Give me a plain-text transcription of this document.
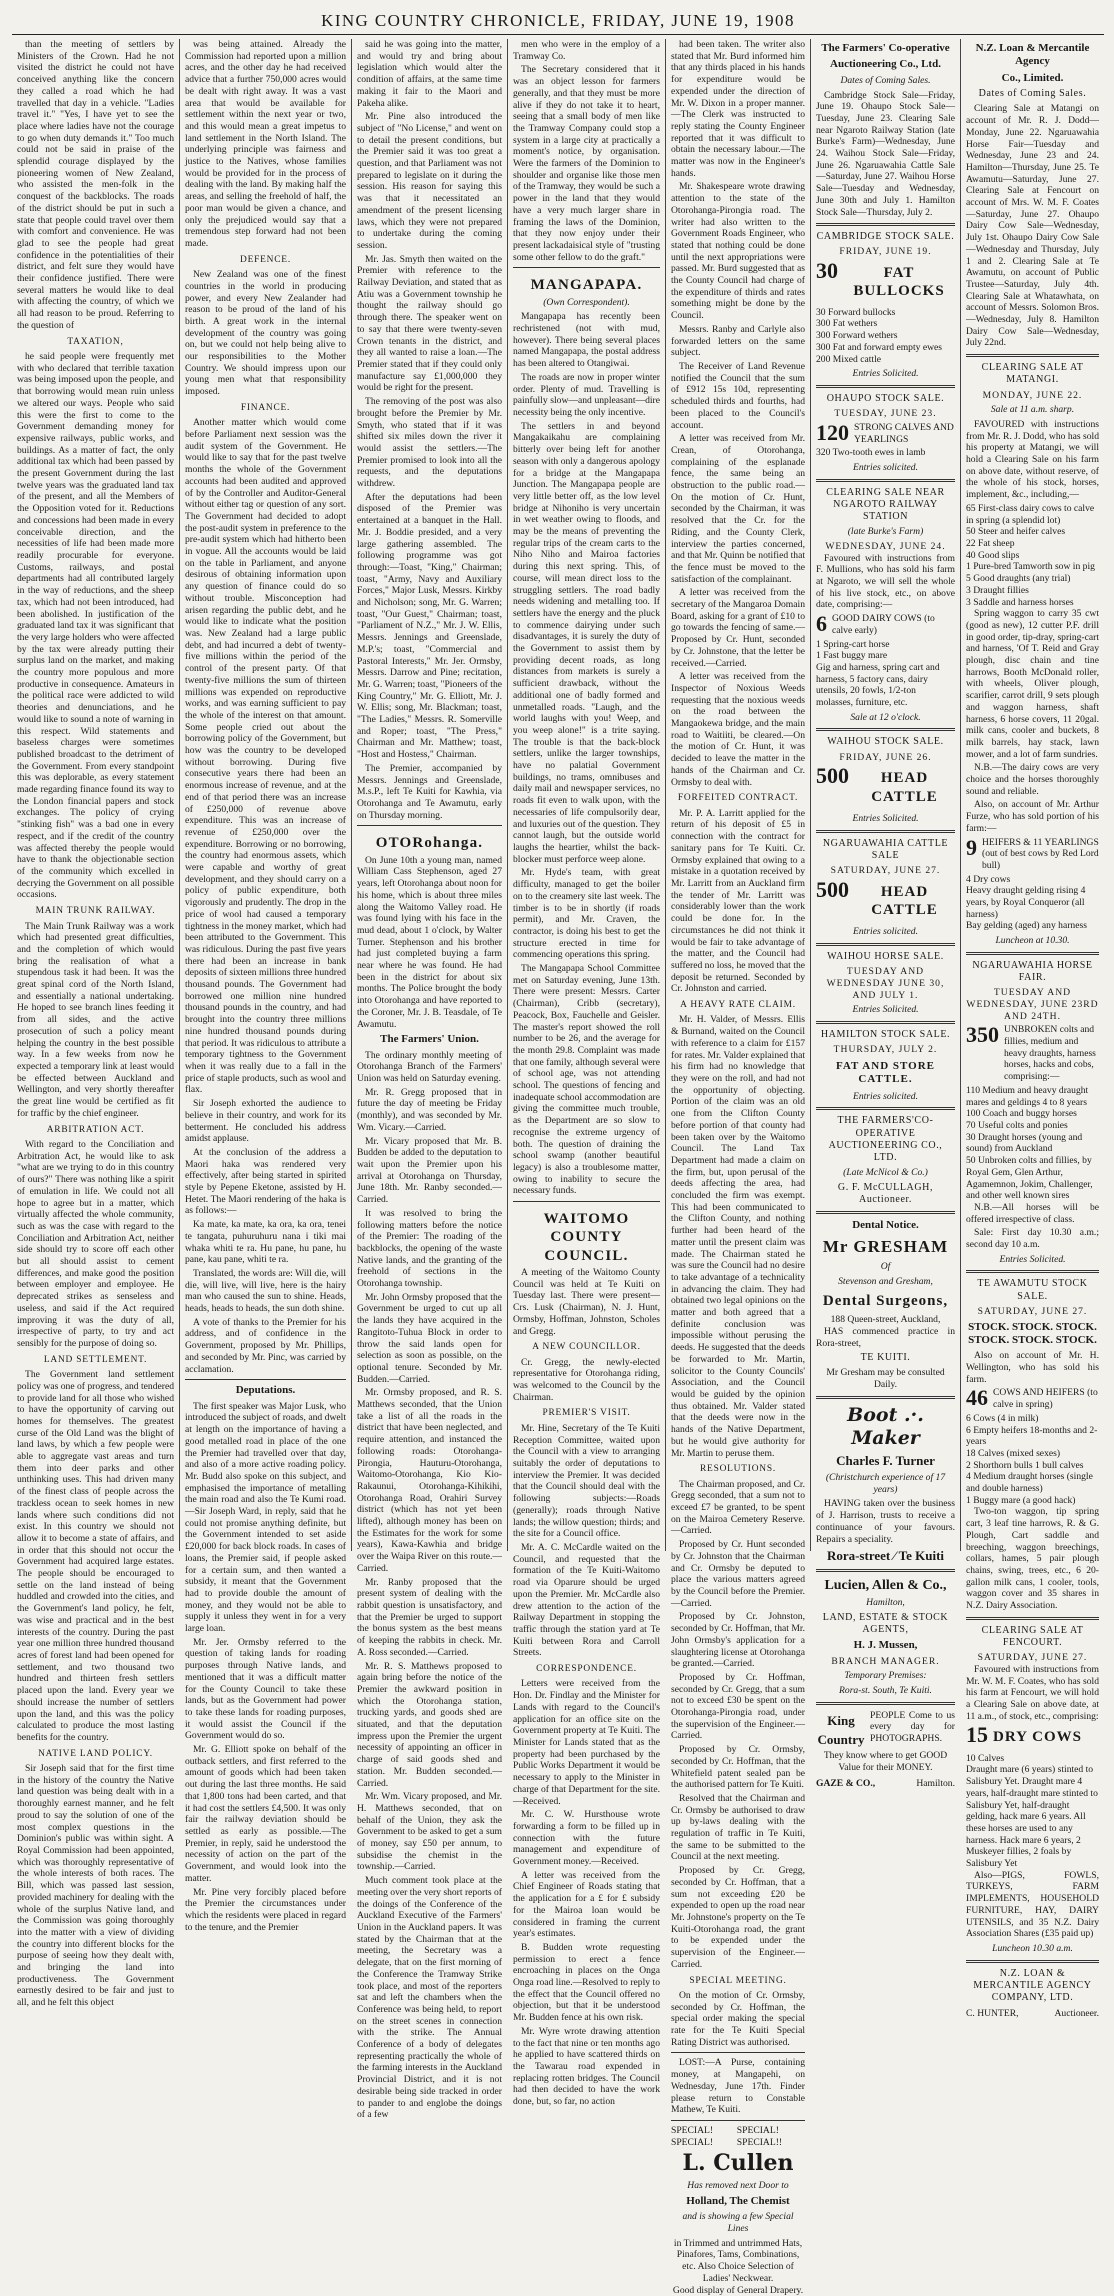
KING COUNTRY CHRONICLE, FRIDAY, JUNE 19, 1908

than the meeting of settlers by Ministers of the Crown. Had he not visited the district he could not have conceived anything like the concern they called a road which he had travelled that day in a vehicle. "Ladies travel it." "Yes, I have yet to see the place where ladies have not the courage to go when duty demands it." Too much could not be said in praise of the splendid courage displayed by the pioneering women of New Zealand, who assisted the men-folk in the conquest of the backblocks. The roads of the district should be put in such a state that people could travel over them with comfort and convenience. He was glad to see the people had great confidence in the potentialities of their district, and felt sure they would have their confidence justified. There were several matters he would like to deal with affecting the country, of which we all had reason to be proud. Referring to the question of

TAXATION,

he said people were frequently met with who declared that terrible taxation was being imposed upon the people, and that borrowing would mean ruin unless we altered our ways. People who said this were the first to come to the Government demanding money for expensive railways, public works, and buildings. As a matter of fact, the only additional tax which had been passed by the present Government during the last twelve years was the graduated land tax of the present, and all the Members of the Opposition voted for it. Reductions and concessions had been made in every conceivable direction, and the necessities of life had been made more readily procurable for everyone. Customs, railways, and postal departments had all contributed largely in the way of reductions, and the sheep tax, which had not been introduced, had been abolished. In justification of the graduated land tax it was significant that the very large holders who were affected by the tax were already putting their surplus land on the market, and making the country more populous and more productive in consequence. Amateurs in the political race were addicted to wild theories and denunciations, and he would like to sound a note of warning in this respect. Wild statements and baseless charges were sometimes published broadcast to the detriment of the Government. From every standpoint this was deplorable, as every statement made regarding finance found its way to the London financial papers and stock exchanges. The policy of crying "stinking fish" was a bad one in every respect, and if the credit of the country was affected thereby the people would have to thank the objectionable section of the community which excelled in decrying the Government on all possible occasions.

MAIN TRUNK RAILWAY.

The Main Trunk Railway was a work which had presented great difficulties, and the completion of which would bring the realisation of what a stupendous task it had been. It was the great spinal cord of the North Island, and essentially a national undertaking. He hoped to see branch lines feeding it from all sides, and the active prosecution of such a policy meant helping the country in the best possible way. In a few weeks from now he expected a temporary link at least would be effected between Auckland and Wellington, and very shortly thereafter the great line would be certified as fit for traffic by the chief engineer.

ARBITRATION ACT.

With regard to the Conciliation and Arbitration Act, he would like to ask "what are we trying to do in this country of ours?" There was nothing like a spirit of emulation in life. We could not all hope to agree but in a matter, which virtually affected the whole community, such as was the case with regard to the Conciliation and Arbitration Act, neither side should try to score off each other but all should assist to cement differences, and make good the position between employer and employee. He deprecated strikes as senseless and useless, and said if the Act required improving it was the duty of all, irrespective of party, to try and act sensibly for the purpose of doing so.

LAND SETTLEMENT.

The Government land settlement policy was one of progress, and tendered to provide land for all those who wished to have the opportunity of carving out homes for themselves. The greatest curse of the Old Land was the blight of land laws, by which a few people were able to aggregate vast areas and turn them into deer parks and other unthinking uses. This had driven many of the finest class of people across the trackless ocean to seek homes in new lands where such conditions did not exist. In this country we should not allow it to become a state of affairs, and in order that this should not occur the Government had acquired large estates. The people should be encouraged to settle on the land instead of being huddled and crowded into the cities, and the Government's land policy, he felt, was wise and practical and in the best interests of the country. During the past year one million three hundred thousand acres of forest land had been opened for settlement, and two thousand two hundred and thirteen fresh settlers placed upon the land. Every year we should increase the number of settlers upon the land, and this was the policy calculated to produce the most lasting benefits for the country.

NATIVE LAND POLICY.

Sir Joseph said that for the first time in the history of the country the Native land question was being dealt with in a thoroughly earnest manner, and he felt proud to say the solution of one of the most complex questions in the Dominion's public was within sight. A Royal Commission had been appointed, which was thoroughly representative of the whole interests of both races. The Bill, which was passed last session, provided machinery for dealing with the whole of the surplus Native land, and the Commission was going thoroughly into the matter with a view of dividing the country into different blocks for the purpose of seeing how they dealt with, and bringing the land into productiveness. The Government earnestly desired to be fair and just to all, and he felt this object

was being attained. Already the Commission had reported upon a million acres, and the other day he had received advice that a further 750,000 acres would be dealt with right away. It was a vast area that would be available for settlement within the next year or two, and this would mean a great impetus to land settlement in the North Island. The underlying principle was fairness and justice to the Natives, whose families would be provided for in the process of dealing with the land. By making half the areas, and selling the freehold of half, the poor man would be given a chance, and only the prejudiced would say that a tremendous step forward had not been made.

DEFENCE.

New Zealand was one of the finest countries in the world in producing power, and every New Zealander had reason to be proud of the land of his birth. A great work in the internal development of the country was going on, but we could not help being alive to our responsibilities to the Mother Country. We should impress upon our young men what that responsibility imposed.

FINANCE.

Another matter which would come before Parliament next session was the audit system of the Government. He would like to say that for the past twelve months the whole of the Government accounts had been audited and approved of by the Controller and Auditor-General without either tag or question of any sort. The Government had decided to adopt the post-audit system in preference to the pre-audit system which had hitherto been in vogue. All the accounts would be laid on the table in Parliament, and anyone desirous of obtaining information upon any question of finance could do so without trouble. Misconception had arisen regarding the public debt, and he would like to indicate what the position was. New Zealand had a large public debt, and had incurred a debt of twenty-five millions within the period of the control of the present party. Of that twenty-five millions the sum of thirteen millions was expended on reproductive works, and was earning sufficient to pay the whole of the interest on that amount. Some people cried out about the borrowing policy of the Government, but how was the country to be developed without borrowing. During five consecutive years there had been an enormous increase of revenue, and at the end of that period there was an increase of £250,000 of revenue above expenditure. This was an increase of revenue of £250,000 over the expenditure. Borrowing or no borrowing, the country had enormous assets, which were capable and worthy of great development, and they should carry on a policy of public expenditure, both vigorously and prudently. The drop in the price of wool had caused a temporary tightness in the money market, which had been attributed to the Government. This was ridiculous. During the past five years there had been an increase in bank deposits of sixteen millions three hundred thousand pounds. The Government had borrowed one million nine hundred thousand pounds in the country, and had brought into the country three millions nine hundred thousand pounds during that period. It was ridiculous to attribute a temporary tightness to the Government when it was really due to a fall in the price of staple products, such as wool and flax.

Sir Joseph exhorted the audience to believe in their country, and work for its betterment. He concluded his address amidst applause.

At the conclusion of the address a Maori haka was rendered very effectively, after being started in spirited style by Pepene Eketone, assisted by H. Hetet. The Maori rendering of the haka is as follows:—

Ka mate, ka mate, ka ora, ka ora, tenei te tangata, puhuruhuru nana i tiki mai whaka whiti te ra. Hu pane, hu pane, hu pane, kau pane, whiti te ra.

Translated, the words are: Will die, will die, will live, will live, here is the hairy man who caused the sun to shine. Heads, heads, heads to heads, the sun doth shine.

A vote of thanks to the Premier for his address, and of confidence in the Government, proposed by Mr. Phillips, and seconded by Mr. Pinc, was carried by acclamation.

Deputations.

The first speaker was Major Lusk, who introduced the subject of roads, and dwelt at length on the importance of having a good metalled road in place of the one the Premier had travelled over that day, and also of a more active roading policy. Mr. Budd also spoke on this subject, and emphasised the importance of metalling the main road and also the Te Kumi road.—Sir Joseph Ward, in reply, said that he could not promise anything definite, but the Government intended to set aside £20,000 for back block roads. In cases of loans, the Premier said, if people asked for a certain sum, and then wanted a subsidy, it meant that the Government had to provide double the amount of money, and they would not be able to supply it unless they went in for a very large loan.

Mr. Jer. Ormsby referred to the question of taking lands for roading purposes through Native lands, and mentioned that it was a difficult matter for the County Council to take these lands, but as the Government had power to take these lands for roading purposes, it would assist the Council if the Government would do so.

Mr. G. Elliott spoke on behalf of the outback settlers, and first referred to the amount of goods which had been taken out during the last three months. He said that 1,800 tons had been carted, and that it had cost the settlers £4,500. It was only fair the railway deviation should be settled as early as possible.—The Premier, in reply, said he understood the necessity of action on the part of the Government, and would look into the matter.

Mr. Pine very forcibly placed before the Premier the circumstances under which the residents were placed in regard to the tenure, and the Premier

said he was going into the matter, and would try and bring about legislation which would alter the condition of affairs, at the same time making it fair to the Maori and Pakeha alike.

Mr. Pine also introduced the subject of "No License," and went on to detail the present conditions, but the Premier said it was too great a question, and that Parliament was not prepared to legislate on it during the session. His reason for saying this was that it necessitated an amendment of the present licensing laws, which they were not prepared to undertake during the coming session.

Mr. Jas. Smyth then waited on the Premier with reference to the Railway Deviation, and stated that as Atiu was a Government township he thought the railway should go through there. The speaker went on to say that there were twenty-seven Crown tenants in the district, and they all wanted to raise a loan.—The Premier stated that if they could only manufacture say £1,000,000 they would be right for the present.

The removing of the post was also brought before the Premier by Mr. Smyth, who stated that if it was shifted six miles down the river it would assist the settlers.—The Premier promised to look into all the requests, and the deputations withdrew.

After the deputations had been disposed of the Premier was entertained at a banquet in the Hall. Mr. J. Boddie presided, and a very large gathering assembled. The following programme was got through:—Toast, "King," Chairman; toast, "Army, Navy and Auxiliary Forces," Major Lusk, Messrs. Kirkby and Nicholson; song, Mr. G. Warren; toast, "Our Guest," Chairman; toast, "Parliament of N.Z.," Mr. J. W. Ellis, Messrs. Jennings and Greenslade, M.P.'s; toast, "Commercial and Pastoral Interests," Mr. Jer. Ormsby, Messrs. Darrow and Pine; recitation, Mr. G. Warren; toast, "Pioneers of the King Country," Mr. G. Elliott, Mr. J. W. Ellis; song, Mr. Blackman; toast, "The Ladies," Messrs. R. Somerville and Roper; toast, "The Press," Chairman and Mr. Matthew; toast, "Host and Hostess," Chairman.

The Premier, accompanied by Messrs. Jennings and Greenslade, M.s.P., left Te Kuiti for Kawhia, via Otorohanga and Te Awamutu, early on Thursday morning.

OTORohanga.

On June 10th a young man, named William Cass Stephenson, aged 27 years, left Otorohanga about noon for his home, which is about three miles along the Waitomo Valley road. He was found lying with his face in the mud dead, about 1 o'clock, by Walter Turner. Stephenson and his brother had just completed buying a farm near where he was found. He had been in the district for about six months. The Police brought the body into Otorohanga and have reported to the Coroner, Mr. J. B. Teasdale, of Te Awamutu.

The Farmers' Union.

The ordinary monthly meeting of Otorohanga Branch of the Farmers' Union was held on Saturday evening.

Mr. R. Gregg proposed that in future the day of meeting be Friday (monthly), and was seconded by Mr. Wm. Vicary.—Carried.

Mr. Vicary proposed that Mr. B. Budden be added to the deputation to wait upon the Premier upon his arrival at Otorohanga on Thursday, June 18th. Mr. Ranby seconded.—Carried.

It was resolved to bring the following matters before the notice of the Premier: The roading of the backblocks, the opening of the waste Native lands, and the granting of the freehold of sections in the Otorohanga township.

Mr. John Ormsby proposed that the Government be urged to cut up all the lands they have acquired in the Rangitoto-Tuhua Block in order to throw the said lands open for selection as soon as possible, on the optional tenure. Seconded by Mr. Budden.—Carried.

Mr. Ormsby proposed, and R. S. Matthews seconded, that the Union take a list of all the roads in the district that have been neglected, and require attention, and instanced the following roads: Otorohanga-Pirongia, Hauturu-Otorohanga, Waitomo-Otorohanga, Kio Kio-Rakaunui, Otorohanga-Kihikihi, Otorohanga Road, Orahiri Survey district (which has not yet been lifted), although money has been on the Estimates for the work for some years), Kawa-Kawhia and bridge over the Waipa River on this route.—Carried.

Mr. Ranby proposed that the present system of dealing with the rabbit question is unsatisfactory, and that the Premier be urged to support the bonus system as the best means of keeping the rabbits in check. Mr. A. Ross seconded.—Carried.

Mr. R. S. Matthews proposed to again bring before the notice of the Premier the awkward position in which the Otorohanga station, trucking yards, and goods shed are situated, and that the deputation impress upon the Premier the urgent necessity of appointing an officer in charge of said goods shed and station. Mr. Budden seconded.—Carried.

Mr. Wm. Vicary proposed, and Mr. H. Matthews seconded, that on behalf of the Union, they ask the Government to be asked to get a sum of money, say £50 per annum, to subsidise the chemist in the township.—Carried.

Much comment took place at the meeting over the very short reports of the doings of the Conference of the Auckland Executive of the Farmers' Union in the Auckland papers. It was stated by the Chairman that at the meeting, the Secretary was a delegate, that on the first morning of the Conference the Tramway Strike took place, and most of the reporters sat and left the chambers when the Conference was being held, to report on the street scenes in connection with the strike. The Annual Conference of a body of delegates representing practically the whole of the farming interests in the Auckland Provincial District, and it is not desirable being side tracked in order to pander to and englobe the doings of a few

men who were in the employ of a Tramway Co.

The Secretary considered that it was an object lesson for farmers generally, and that they must be more alive if they do not take it to heart, seeing that a small body of men like the Tramway Company could stop a system in a large city at practically a moment's notice, by organisation. Were the farmers of the Dominion to shoulder and organise like those men of the Tramway, they would be such a power in the land that they would have a very much larger share in framing the laws of the Dominion, that they now enjoy under their present lackadaisical style of "trusting some other fellow to do the graft."

MANGAPAPA.
(Own Correspondent).

Mangapapa has recently been rechristened (not with mud, however). There being several places named Mangapapa, the postal address has been altered to Otangiwai.

The roads are now in proper winter order. Plenty of mud. Travelling is painfully slow—and unpleasant—dire necessity being the only incentive.

The settlers in and beyond Mangakaikahu are complaining bitterly over being left for another season with only a dangerous apology for a bridge at the Mangapapa Junction. The Mangapapa people are very little better off, as the low level bridge at Nihoniho is very uncertain in wet weather owing to floods, and may be the means of preventing the regular trips of the cream carts to the Niho Niho and Mairoa factories during this next spring. This, of course, will mean direct loss to the struggling settlers. The road badly needs widening and metalling too. If settlers have the energy and the pluck to commence dairying under such disadvantages, it is surely the duty of the Government to assist them by providing decent roads, as long distances from markets is surely a sufficient drawback, without the additional one of badly formed and unmetalled roads. "Laugh, and the world laughs with you! Weep, and you weep alone!" is a trite saying. The trouble is that the back-block settlers, unlike the larger townships, have no palatial Government buildings, no trams, omnibuses and daily mail and newspaper services, no roads fit even to walk upon, with the necessaries of life compulsorily dear, and luxuries out of the question. They cannot laugh, but the outside world laughs the heartier, whilst the back-blocker must perforce weep alone.

Mr. Hyde's team, with great difficulty, managed to get the boiler on to the creamery site last week. The timber is to be in shortly (if roads permit), and Mr. Craven, the contractor, is doing his best to get the structure erected in time for commencing operations this spring.

The Mangapapa School Committee met on Saturday evening, June 13th. There were present: Messrs. Carter (Chairman), Cribb (secretary), Peacock, Box, Fauchelle and Geisler. The master's report showed the roll number to be 26, and the average for the month 29.8. Complaint was made that one family, although several were of school age, was not attending school. The questions of fencing and inadequate school accommodation are giving the committee much trouble, as the Department are so slow to recognise the extreme urgency of both. The question of draining the school swamp (another beautiful legacy) is also a troublesome matter, owing to inability to secure the necessary funds.

WAITOMO COUNTY COUNCIL.

A meeting of the Waitomo County Council was held at Te Kuiti on Tuesday last. There were present—Crs. Lusk (Chairman), N. J. Hunt, Ormsby, Hoffman, Johnston, Scholes and Gregg.

A NEW COUNCILLOR.

Cr. Gregg, the newly-elected representative for Otorohanga riding, was welcomed to the Council by the Chairman.

PREMIER'S VISIT.

Mr. Hine, Secretary of the Te Kuiti Reception Committee, waited upon the Council with a view to arranging suitably the order of deputations to interview the Premier. It was decided that the Council should deal with the following subjects:—Roads (generally); roads through Native lands; the willow question; thirds; and the site for a Council office.

Mr. A. C. McCardle waited on the Council, and requested that the formation of the Te Kuiti-Waitomo road via Oparure should be urged upon the Premier. Mr. McCardle also drew attention to the action of the Railway Department in stopping the traffic through the station yard at Te Kuiti between Rora and Carroll Streets.

CORRESPONDENCE.

Letters were received from the Hon. Dr. Findlay and the Minister for Lands with regard to the Council's application for an office site on the Government property at Te Kuiti. The Minister for Lands stated that as the property had been purchased by the Public Works Department it would be necessary to apply to the Minister in charge of that Department for the site.—Received.

Mr. C. W. Hursthouse wrote forwarding a form to be filled up in connection with the future management and expenditure of Government money.—Received.

A letter was received from the Chief Engineer of Roads stating that the application for a £ for £ subsidy for the Mairoa loan would be considered in framing the current year's estimates.

B. Budden wrote requesting permission to erect a fence encroaching in places on the Onga Onga road line.—Resolved to reply to the effect that the Council offered no objection, but that it be understood Mr. Budden fence at his own risk.

Mr. Wyre wrote drawing attention to the fact that nine or ten months ago he applied to have scattered thirds on the Tawarau road expended in replacing rotten bridges. The Council had then decided to have the work done, but, so far, no action

had been taken. The writer also stated that Mr. Burd informed him that any thirds placed in his hands for expenditure would be expended under the direction of Mr. W. Dixon in a proper manner.—The Clerk was instructed to reply stating the County Engineer reported that it was difficult to obtain the necessary labour.—The matter was now in the Engineer's hands.

Mr. Shakespeare wrote drawing attention to the state of the Otorohanga-Pirongia road. The writer had also written to the Government Roads Engineer, who stated that nothing could be done until the next appropriations were passed. Mr. Burd suggested that as the County Council had charge of the expenditure of thirds and rates something might be done by the Council.

Messrs. Ranby and Carlyle also forwarded letters on the same subject.

The Receiver of Land Revenue notified the Council that the sum of £912 15s 10d, representing scheduled thirds and fourths, had been placed to the Council's account.

A letter was received from Mr. Crean, of Otorohanga, complaining of the esplanade fence, the same being an obstruction to the public road.—On the motion of Cr. Hunt, seconded by the Chairman, it was resolved that the Cr. for the Riding, and the County Clerk, interview the parties concerned, and that Mr. Quinn be notified that the fence must be moved to the satisfaction of the complainant.

A letter was received from the secretary of the Mangaroa Domain Board, asking for a grant of £10 to go towards the fencing of same.—Proposed by Cr. Hunt, seconded by Cr. Johnstone, that the letter be received.—Carried.

A letter was received from the Inspector of Noxious Weeds requesting that the noxious weeds on the road between the Mangaokewa bridge, and the main road to Waitiiti, be cleared.—On the motion of Cr. Hunt, it was decided to leave the matter in the hands of the Chairman and Cr. Ormsby to deal with.

FORFEITED CONTRACT.

Mr. P. A. Larritt applied for the return of his deposit of £5 in connection with the contract for sanitary pans for Te Kuiti. Cr. Ormsby explained that owing to a mistake in a quotation received by Mr. Larritt from an Auckland firm the tender of Mr. Larritt was considerably lower than the work could be done for. In the circumstances he did not think it would be fair to take advantage of the matter, and the Council had suffered no loss, he moved that the deposit be returned. Seconded by Cr. Johnston and carried.

A HEAVY RATE CLAIM.

Mr. H. Valder, of Messrs. Ellis & Burnand, waited on the Council with reference to a claim for £157 for rates. Mr. Valder explained that his firm had no knowledge that they were on the roll, and had not the opportunity of objecting. Portion of the claim was an old one from the Clifton County before portion of that county had been taken over by the Waitomo Council. The Land Tax Department had made a claim on the firm, but, upon perusal of the deeds affecting the area, had concluded the firm was exempt. This had been communicated to the Clifton County, and nothing further had been heard of the matter until the present claim was made. The Chairman stated he was sure the Council had no desire to take advantage of a technicality in advancing the claim. They had obtained two legal opinions on the matter and both agreed that a definite conclusion was impossible without perusing the deeds. He suggested that the deeds be forwarded to Mr. Martin, solicitor to the County Councils' Association, and the Council would be guided by the opinion thus obtained. Mr. Valder stated that the deeds were now in the hands of the Native Department, but he would give authority for Mr. Martin to peruse them.

RESOLUTIONS.

The Chairman proposed, and Cr. Gregg seconded, that a sum not to exceed £7 be granted, to be spent on the Mairoa Cemetery Reserve.—Carried.

Proposed by Cr. Hunt seconded by Cr. Johnston that the Chairman and Cr. Ormsby be deputed to place the various matters agreed by the Council before the Premier.—Carried.

Proposed by Cr. Johnston, seconded by Cr. Hoffman, that Mr. John Ormsby's application for a slaughtering license at Otorohanga be granted.—Carried.

Proposed by Cr. Hoffman, seconded by Cr. Gregg, that a sum not to exceed £30 be spent on the Otorohanga-Pirongia road, under the supervision of the Engineer.—Carried.

Proposed by Cr. Ormsby, seconded by Cr. Hoffman, that the Whitefield patent sealed pan be the authorised pattern for Te Kuiti.

Resolved that the Chairman and Cr. Ormsby be authorised to draw up by-laws dealing with the regulation of traffic in Te Kuiti, the same to be submitted to the Council at the next meeting.

Proposed by Cr. Gregg, seconded by Cr. Hoffman, that a sum not exceeding £20 be expended to open up the road near Mr. Johnstone's property on the Te Kuiti-Otorohanga road, the grant to be expended under the supervision of the Engineer.—Carried.

SPECIAL MEETING.

On the motion of Cr. Ormsby, seconded by Cr. Hoffman, the special order making the special rate for the Te Kuiti Special Rating District was authorised.

LOST:—A Purse, containing money, at Mangapehi, on Wednesday, June 17th. Finder please return to Constable Mathew, Te Kuiti.

SPECIAL! SPECIAL!
SPECIAL! SPECIAL!!
L. Cullen
Has removed next Door to
Holland, The Chemist
and is showing a few Special Lines
in Trimmed and untrimmed Hats, Pinafores, Tams, Combinations, etc. Also Choice Selection of Ladies' Neckwear.
Good display of General Drapery.
The Farmers' Co-operative
Auctioneering Co., Ltd.
Dates of Coming Sales.

Cambridge Stock Sale—Friday, June 19. Ohaupo Stock Sale—Tuesday, June 23. Clearing Sale near Ngaroto Railway Station (late Burke's Farm)—Wednesday, June 24. Waihou Stock Sale—Friday, June 26. Ngaruawahia Cattle Sale—Saturday, June 27. Waihou Horse Sale—Tuesday and Wednesday, June 30th and July 1. Hamilton Stock Sale—Thursday, July 2.

CAMBRIDGE STOCK SALE.
FRIDAY, JUNE 19.
30	FAT BULLOCKS
30 Forward bullocks
300 Fat wethers
300 Forward wethers
300 Fat and forward empty ewes
200 Mixed cattle
Entries Solicited.
OHAUPO STOCK SALE.
TUESDAY, JUNE 23.
120 STRONG CALVES AND YEARLINGS
320 Two-tooth ewes in lamb
Entries solicited.
CLEARING SALE NEAR NGAROTO RAILWAY STATION
(late Burke's Farm)
WEDNESDAY, JUNE 24.

Favoured with instructions from F. Mullions, who has sold his farm at Ngaroto, we will sell the whole of his live stock, etc., on above date, comprising:—

6 GOOD DAIRY COWS (to calve early)
1 Spring-cart horse
1 Fast buggy mare
Gig and harness, spring cart and harness, 5 factory cans, dairy utensils, 20 fowls, 1/2-ton molasses, furniture, etc.
Sale at 12 o'clock.
WAIHOU STOCK SALE.
FRIDAY, JUNE 26.
500	HEAD CATTLE
Entries Solicited.
NGARUAWAHIA CATTLE SALE
SATURDAY, JUNE 27.
500	HEAD CATTLE
Entries solicited.
WAIHOU HORSE SALE.
TUESDAY AND WEDNESDAY JUNE 30, AND JULY 1.
Entries Solicited.
HAMILTON STOCK SALE.
THURSDAY, JULY 2.
FAT AND STORE CATTLE.
Entries solicited.
THE FARMERS'CO-OPERATIVE AUCTIONEERING CO., LTD.
(Late McNicol & Co.)
G. F. McCULLAGH, Auctioneer.
Dental Notice.
Mr GRESHAM
Of
Stevenson and Gresham,
Dental Surgeons,
188 Queen-street, Auckland,

HAS commenced practice in Rora-street,

TE KUITI.
Mr Gresham may be consulted Daily.
Boot .·. Maker
Charles F. Turner
(Christchurch experience of 17 years)

HAVING taken over the business of J. Harrison, trusts to receive a continuance of your favours. Repairs a speciality.

Rora-street ⁄ Te Kuiti
Lucien, Allen & Co.,
Hamilton,
LAND, ESTATE & STOCK AGENTS,
H. J. Mussen,
BRANCH MANAGER.
Temporary Premises:
Rora-st. South, Te Kuiti.
King
Country
PEOPLE Come to us every day for PHOTOGRAPHS.
They know where to get GOOD Value for their MONEY.
GAZE & CO.,	Hamilton.
N.Z. Loan & Mercantile Agency
Co., Limited.
Dates of Coming Sales.

Clearing Sale at Matangi on account of Mr. R. J. Dodd—Monday, June 22. Ngaruawahia Horse Fair—Tuesday and Wednesday, June 23 and 24. Hamilton—Thursday, June 25. Te Awamutu—Saturday, June 27. Clearing Sale at Fencourt on account of Mrs. W. M. F. Coates—Saturday, June 27. Ohaupo Dairy Cow Sale—Wednesday, July 1st. Ohaupo Dairy Cow Sale—Wednesday and Thursday, July 1 and 2. Clearing Sale at Te Awamutu, on account of Public Trustee—Saturday, July 4th. Clearing Sale at Whatawhata, on account of Messrs. Solomon Bros.—Wednesday, July 8. Hamilton Dairy Cow Sale—Wednesday, July 22nd.

CLEARING SALE AT MATANGI.
MONDAY, JUNE 22.
Sale at 11 a.m. sharp.

FAVOURED with instructions from Mr. R. J. Dodd, who has sold his property at Matangi, we will hold a Clearing Sale on his farm on above date, without reserve, of the whole of his stock, horses, implement, &c., including,—

65 First-class dairy cows to calve in spring (a splendid lot)
50 Steer and heifer calves
22 Fat sheep
40 Good slips
1 Pure-bred Tamworth sow in pig
5 Good draughts (any trial)
3 Draught fillies
3 Saddle and harness horses

Spring waggon to carry 35 cwt (good as new), 12 cutter P.F. drill in good order, tip-dray, spring-cart and harness, 'Of T. Reid and Gray plough, disc chain and tine harrows, Booth McDonald roller, with wheels, Oliver plough, scarifier, carrot drill, 9 sets plough and waggon harness, shaft harness, 6 horse covers, 11 20gal. milk cans, cooler and buckets, 8 milk barrels, hay stack, lawn mower, and a lot of farm sundries.

N.B.—The dairy cows are very choice and the horses thoroughly sound and reliable.

Also, on account of Mr. Arthur Furze, who has sold portion of his farm:—

9 HEIFERS & 11 YEARLINGS (out of best cows by Red Lord bull)
4 Dry cows
Heavy draught gelding rising 4 years, by Royal Conqueror (all harness)
Bay gelding (aged) any harness
Luncheon at 10.30.
NGARUAWAHIA HORSE FAIR.
TUESDAY AND WEDNESDAY, JUNE 23RD AND 24TH.
350 UNBROKEN colts and fillies, medium and heavy draughts, harness horses, hacks and cobs, comprising:—
110 Medium and heavy draught mares and geldings 4 to 8 years
100 Coach and buggy horses
70 Useful colts and ponies
30 Draught horses (young and sound) from Auckland
50 Unbroken colts and fillies, by Royal Gem, Glen Arthur, Agamemnon, Jokim, Challenger, and other well known sires

N.B.—All horses will be offered irrespective of class.

Sale: First day 10.30 a.m.; second day 10 a.m.

Entries Solicited.
TE AWAMUTU STOCK SALE.
SATURDAY, JUNE 27.
STOCK. STOCK. STOCK. STOCK. STOCK. STOCK.

Also on account of Mr. H. Wellington, who has sold his farm.

46 COWS AND HEIFERS (to calve in spring)
6 Cows (4 in milk)
6 Empty heifers 18-months and 2-years
18 Calves (mixed sexes)
2 Shorthorn bulls 1 bull calves
4 Medium draught horses (single and double harness)
1 Buggy mare (a good hack)

Two-ton waggon, tip spring cart, 3 leaf tine harrows, R. & G. Plough, Cart saddle and breeching, waggon breechings, collars, hames, 5 pair plough chains, swing, trees, etc., 6 20-gallon milk cans, 1 cooler, tools, waggon cover and 35 shares in N.Z. Dairy Association.

CLEARING SALE AT FENCOURT.
SATURDAY, JUNE 27.

Favoured with instructions from Mr. W. M. F. Coates, who has sold his farm at Fencourt, we will hold a Clearing Sale on above date, at 11 a.m., of stock, etc., comprising:

15 DRY COWS
10 Calves
Draught mare (6 years) stinted to Salisbury Yet. Draught mare 4 years, half-draught mare stinted to Salisbury Yet, half-draught gelding, hack mare 6 years. All these horses are used to any harness. Hack mare 6 years, 2 Muskeyer fillies, 2 foals by Salisbury Yet

Also—PIGS, FOWLS, TURKEYS, FARM IMPLEMENTS, HOUSEHOLD FURNITURE, HAY, DAIRY UTENSILS, and 35 N.Z. Dairy Association Shares (£35 paid up)

Luncheon 10.30 a.m.
N.Z. LOAN & MERCANTILE AGENCY COMPANY, LTD.
C. HUNTER,	Auctioneer.
